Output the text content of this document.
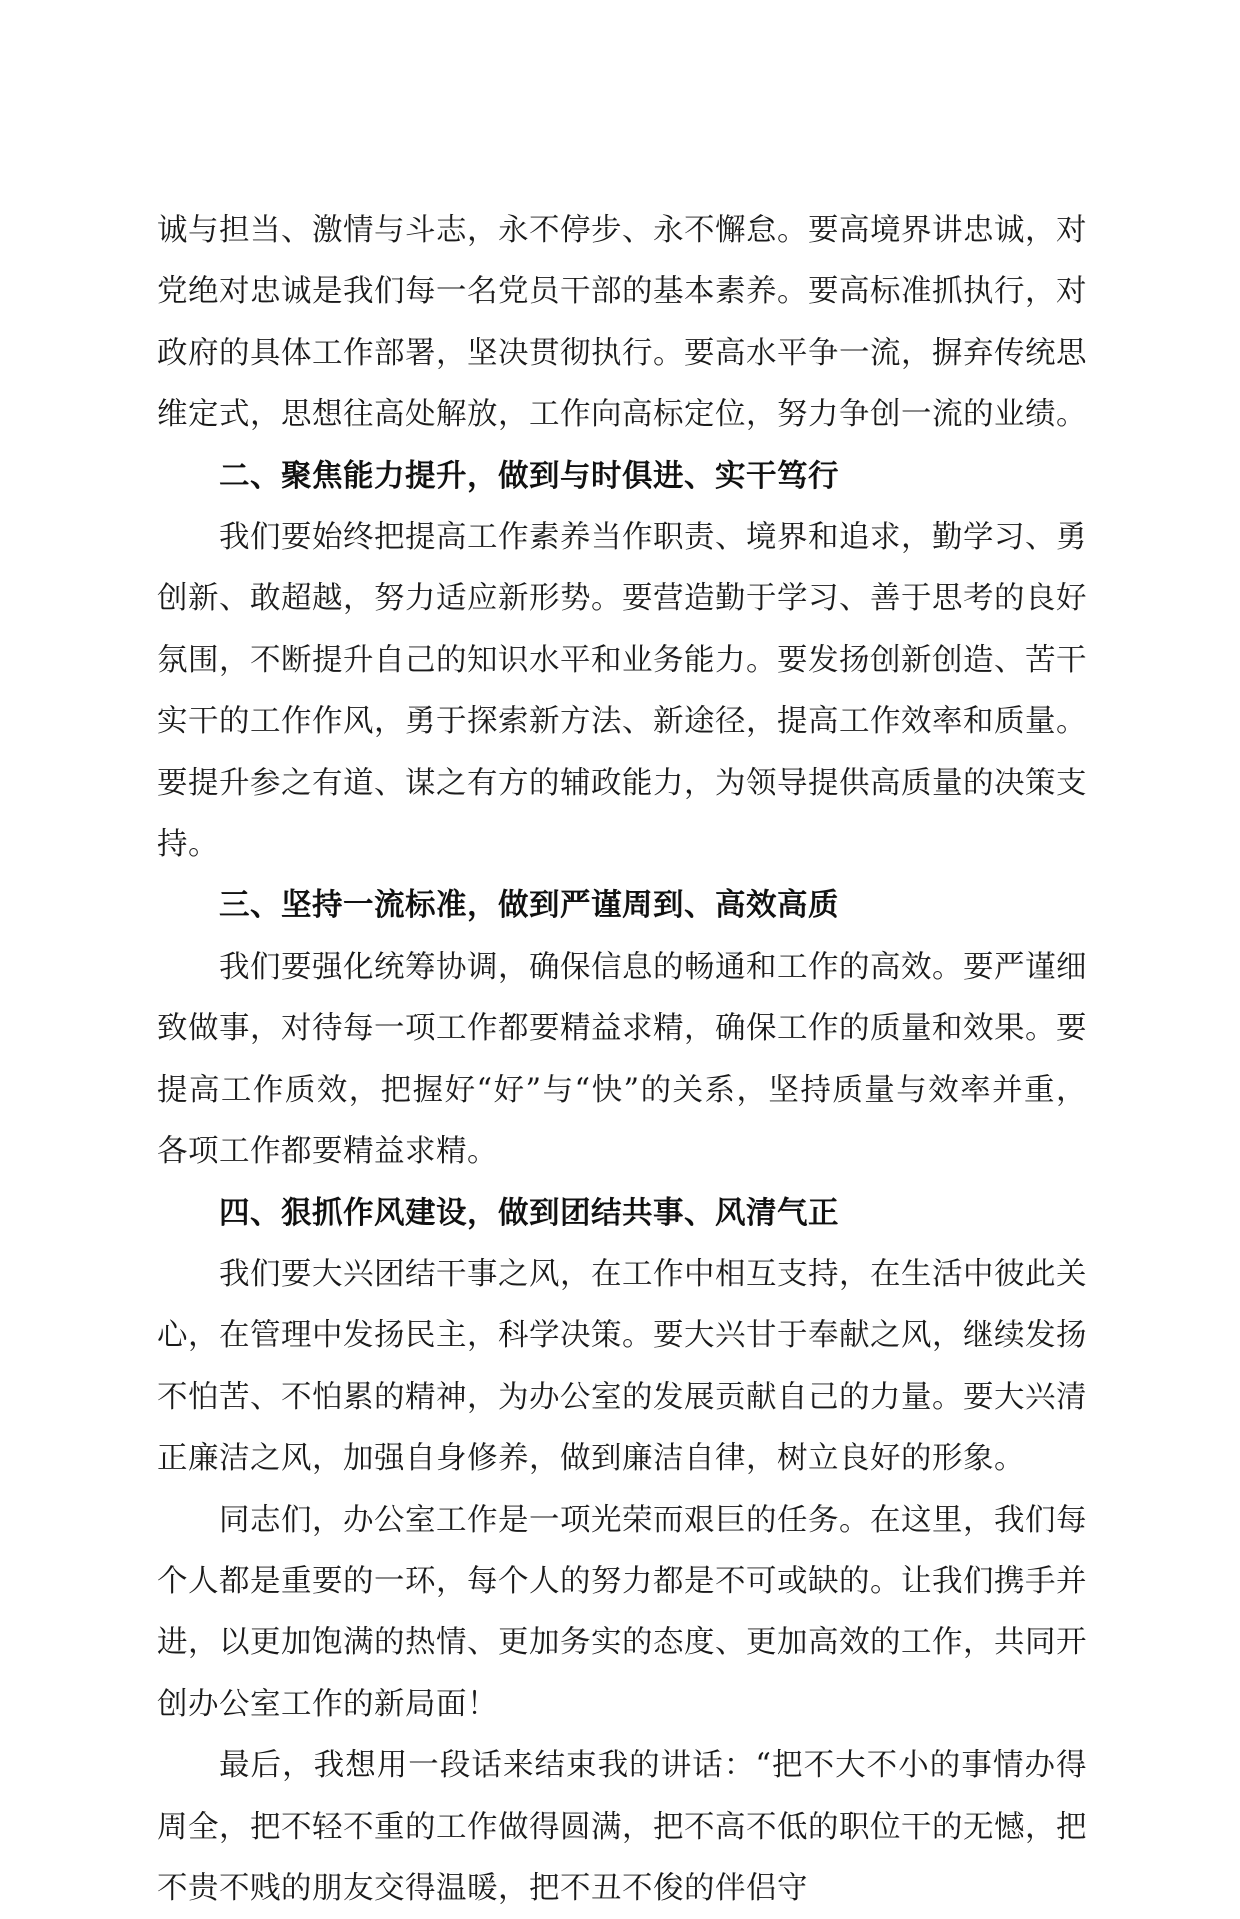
诚与担当、激情与斗志，永不停步、永不懈怠。要高境界讲忠诚，对党绝对忠诚是我们每一名党员干部的基本素养。要高标准抓执行，对政府的具体工作部署，坚决贯彻执行。要高水平争一流，摒弃传统思维定式，思想往高处解放，工作向高标定位，努力争创一流的业绩。

二、聚焦能力提升，做到与时俱进、实干笃行

我们要始终把提高工作素养当作职责、境界和追求，勤学习、勇创新、敢超越，努力适应新形势。要营造勤于学习、善于思考的良好氛围，不断提升自己的知识水平和业务能力。要发扬创新创造、苦干实干的工作作风，勇于探索新方法、新途径，提高工作效率和质量。要提升参之有道、谋之有方的辅政能力，为领导提供高质量的决策支持。

三、坚持一流标准，做到严谨周到、高效高质

我们要强化统筹协调，确保信息的畅通和工作的高效。要严谨细致做事，对待每一项工作都要精益求精，确保工作的质量和效果。要提高工作质效，把握好“好”与“快”的关系，坚持质量与效率并重，各项工作都要精益求精。

四、狠抓作风建设，做到团结共事、风清气正

我们要大兴团结干事之风，在工作中相互支持，在生活中彼此关心，在管理中发扬民主，科学决策。要大兴甘于奉献之风，继续发扬不怕苦、不怕累的精神，为办公室的发展贡献自己的力量。要大兴清正廉洁之风，加强自身修养，做到廉洁自律，树立良好的形象。

同志们，办公室工作是一项光荣而艰巨的任务。在这里，我们每个人都是重要的一环，每个人的努力都是不可或缺的。让我们携手并进，以更加饱满的热情、更加务实的态度、更加高效的工作，共同开创办公室工作的新局面！

最后，我想用一段话来结束我的讲话：“把不大不小的事情办得周全，把不轻不重的工作做得圆满，把不高不低的职位干的无憾，把不贵不贱的朋友交得温暖，把不丑不俊的伴侣守
